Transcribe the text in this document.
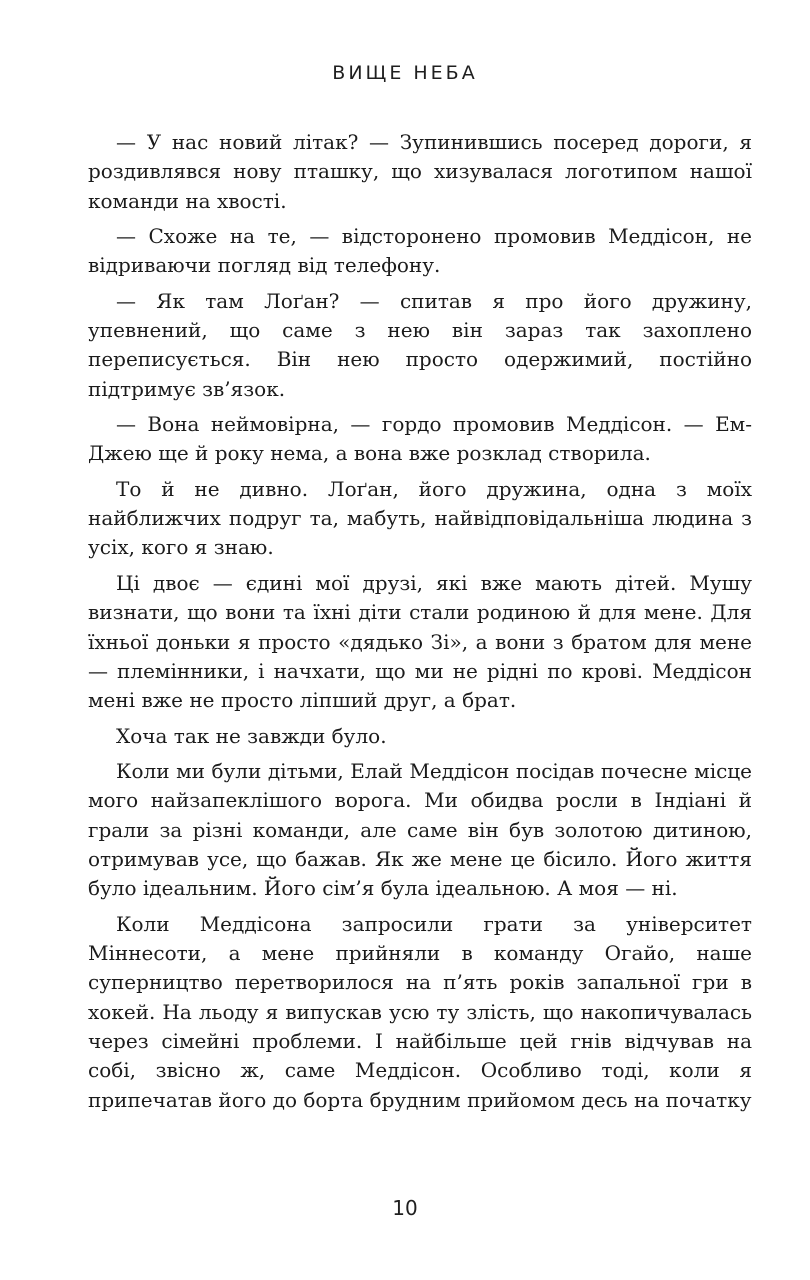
ВИЩЕ НЕБА

— У нас новий літак? — Зупинившись посеред дороги, я роздивлявся нову пташку, що хизувалася логотипом нашої команди на хвості.

— Схоже на те, — відсторонено промовив Меддісон, не відриваючи погляд від телефону.

— Як там Лоґан? — спитав я про його дружину, упевнений, що саме з нею він зараз так захоплено переписується. Він нею просто одержимий, постійно підтримує зв’язок.

— Вона неймовірна, — гордо промовив Меддісон. — Ем-Джею ще й року нема, а вона вже розклад створила.

То й не дивно. Лоґан, його дружина, одна з моїх найближчих подруг та, мабуть, найвідповідальніша людина з усіх, кого я знаю.

Ці двоє — єдині мої друзі, які вже мають дітей. Мушу визнати, що вони та їхні діти стали родиною й для мене. Для їхньої доньки я просто «дядько Зі», а вони з братом для мене — племінники, і начхати, що ми не рідні по крові. Меддісон мені вже не просто ліпший друг, а брат.

Хоча так не завжди було.

Коли ми були дітьми, Елай Меддісон посідав почесне місце мого найзапеклішого ворога. Ми обидва росли в Індіані й грали за різні команди, але саме він був золотою дитиною, отримував усе, що бажав. Як же мене це бісило. Його життя було ідеальним. Його сім’я була ідеальною. А моя — ні.

Коли Меддісона запросили грати за університет Міннесоти, а мене прийняли в команду Огайо, наше суперництво перетворилося на п’ять років запальної гри в хокей. На льоду я випускав усю ту злість, що накопичувалась через сімейні проблеми. І найбільше цей гнів відчував на собі, звісно ж, саме Меддісон. Особливо тоді, коли я припечатав його до борта брудним прийомом десь на початку

10
